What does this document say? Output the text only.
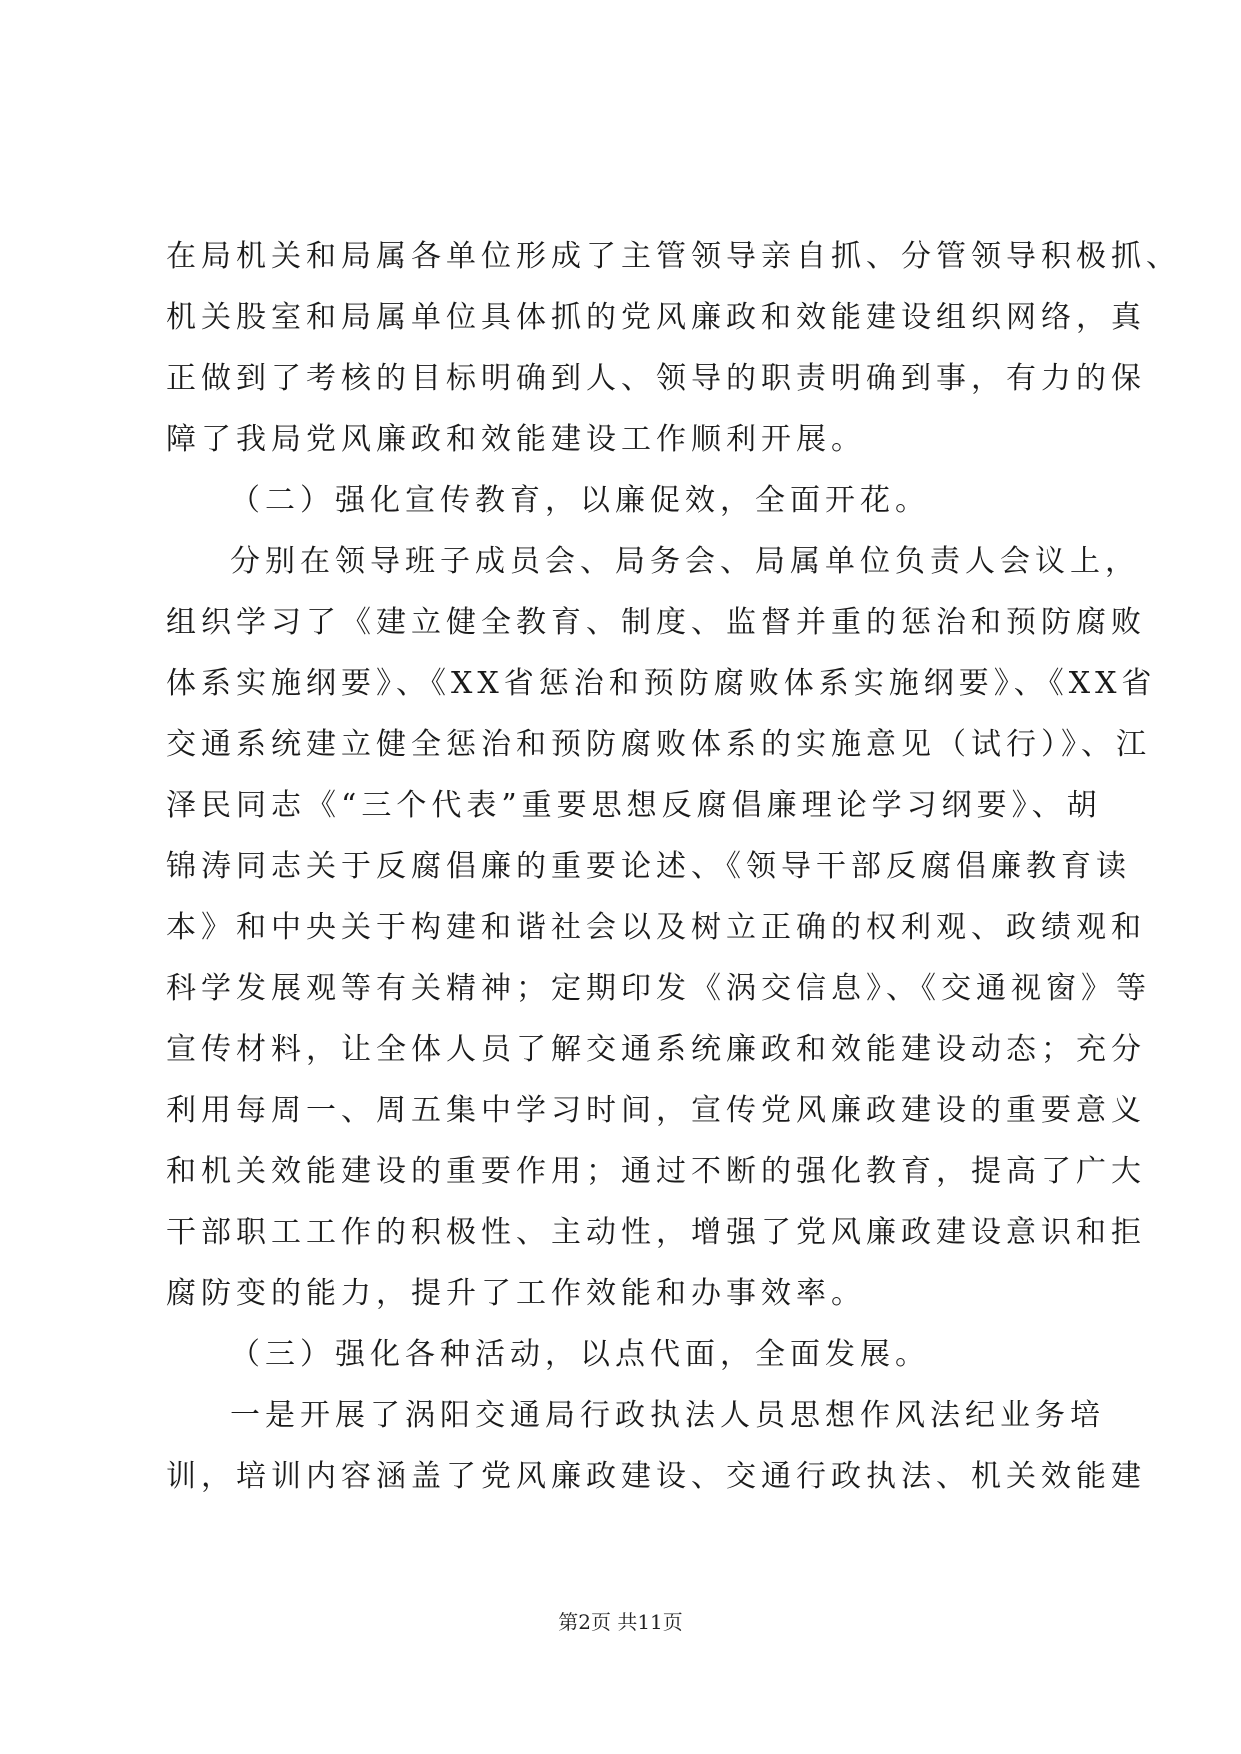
在局机关和局属各单位形成了主管领导亲自抓、分管领导积极抓、
机关股室和局属单位具体抓的党风廉政和效能建设组织网络，真
正做到了考核的目标明确到人、领导的职责明确到事，有力的保
障了我局党风廉政和效能建设工作顺利开展。
（二）强化宣传教育，以廉促效，全面开花。
分别在领导班子成员会、局务会、局属单位负责人会议上，
组织学习了《建立健全教育、制度、监督并重的惩治和预防腐败
体系实施纲要》、《XX省惩治和预防腐败体系实施纲要》、《XX省
交通系统建立健全惩治和预防腐败体系的实施意见（试行）》、江
泽民同志《“三个代表”重要思想反腐倡廉理论学习纲要》、胡
锦涛同志关于反腐倡廉的重要论述、《领导干部反腐倡廉教育读
本》和中央关于构建和谐社会以及树立正确的权利观、政绩观和
科学发展观等有关精神；定期印发《涡交信息》、《交通视窗》等
宣传材料，让全体人员了解交通系统廉政和效能建设动态；充分
利用每周一、周五集中学习时间，宣传党风廉政建设的重要意义
和机关效能建设的重要作用；通过不断的强化教育，提高了广大
干部职工工作的积极性、主动性，增强了党风廉政建设意识和拒
腐防变的能力，提升了工作效能和办事效率。
（三）强化各种活动，以点代面，全面发展。
一是开展了涡阳交通局行政执法人员思想作风法纪业务培
训，培训内容涵盖了党风廉政建设、交通行政执法、机关效能建
第2页 共11页
